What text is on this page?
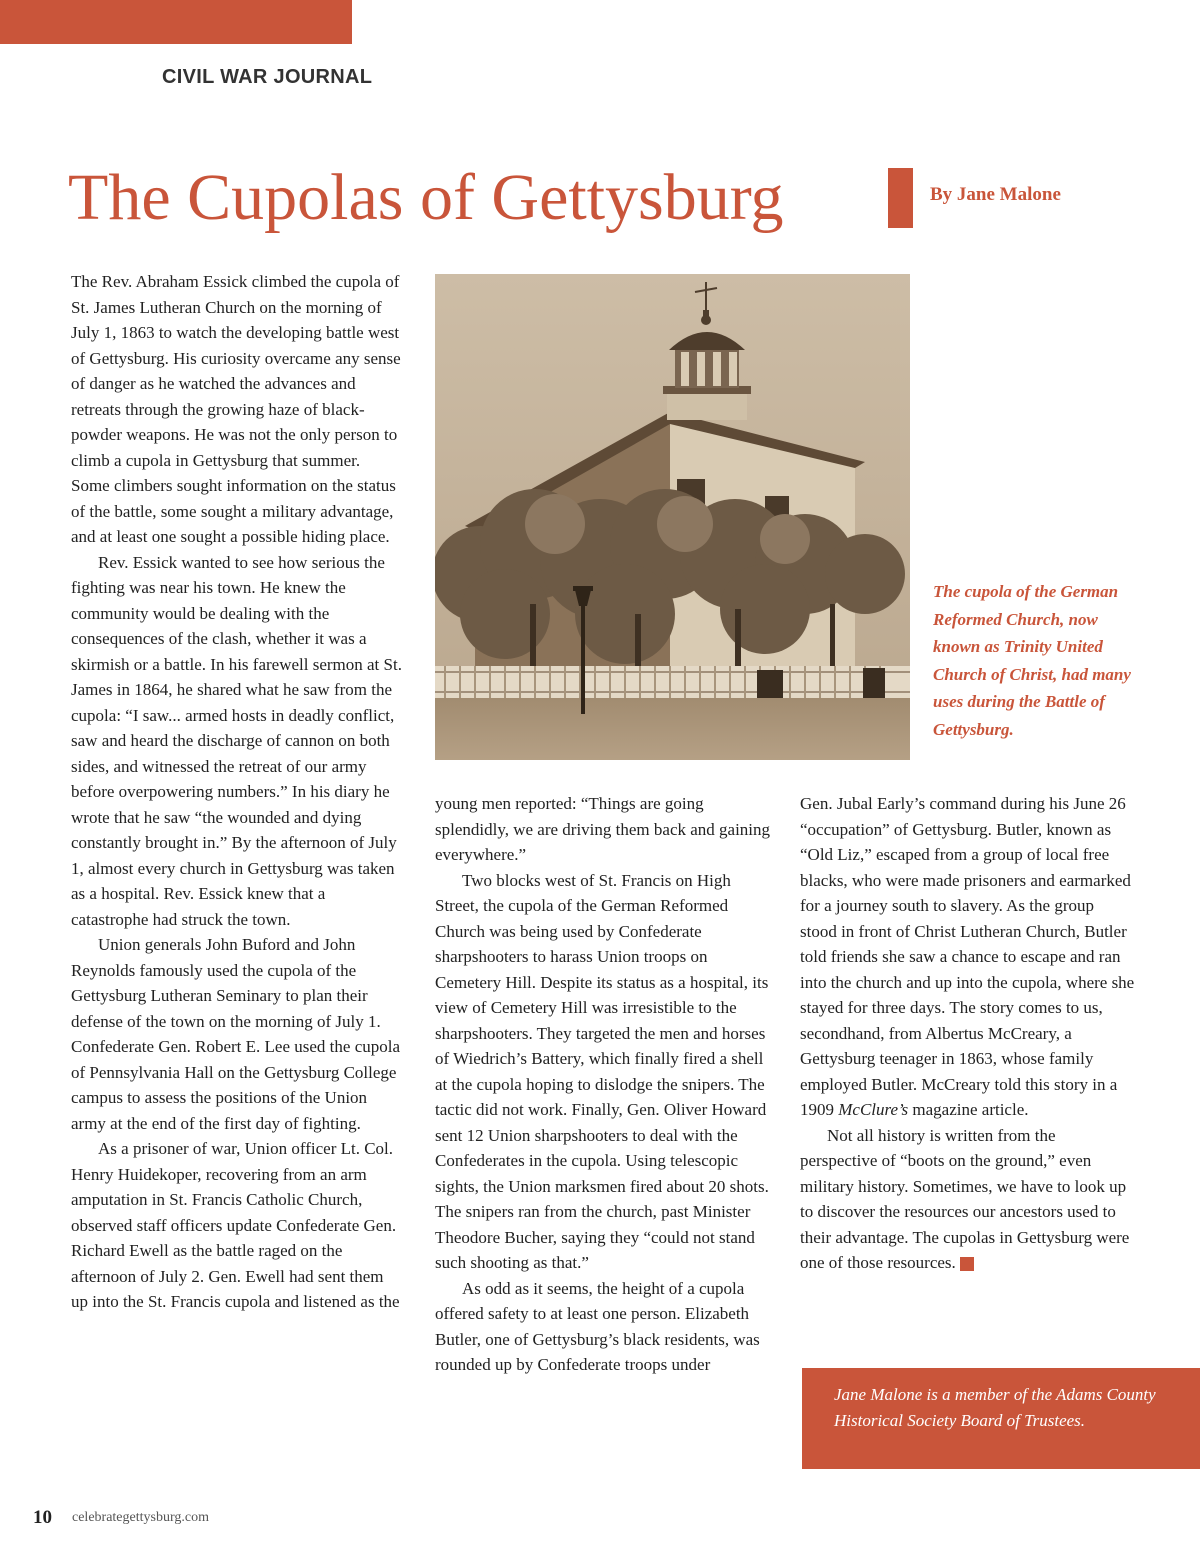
CIVIL WAR JOURNAL
The Cupolas of Gettysburg	By Jane Malone

The Rev. Abraham Essick climbed the cupola of St. James Lutheran Church on the morning of July 1, 1863 to watch the developing battle west of Gettysburg. His curiosity overcame any sense of danger as he watched the advances and retreats through the growing haze of black-powder weapons. He was not the only person to climb a cupola in Gettysburg that summer. Some climbers sought information on the status of the battle, some sought a military advantage, and at least one sought a possible hiding place.

Rev. Essick wanted to see how serious the fighting was near his town. He knew the community would be dealing with the consequences of the clash, whether it was a skirmish or a battle. In his farewell sermon at St. James in 1864, he shared what he saw from the cupola: “I saw... armed hosts in deadly conflict, saw and heard the discharge of cannon on both sides, and witnessed the retreat of our army before overpowering numbers.” In his diary he wrote that he saw “the wounded and dying constantly brought in.” By the afternoon of July 1, almost every church in Gettysburg was taken as a hospital. Rev. Essick knew that a catastrophe had struck the town.

Union generals John Buford and John Reynolds famously used the cupola of the Gettysburg Lutheran Seminary to plan their defense of the town on the morning of July 1. Confederate Gen. Robert E. Lee used the cupola of Pennsylvania Hall on the Gettysburg College campus to assess the positions of the Union army at the end of the first day of fighting.

As a prisoner of war, Union officer Lt. Col. Henry Huidekoper, recovering from an arm amputation in St. Francis Catholic Church, observed staff officers update Confederate Gen. Richard Ewell as the battle raged on the afternoon of July 2. Gen. Ewell had sent them up into the St. Francis cupola and listened as the

The cupola of the German Reformed Church, now known as Trinity United Church of Christ, had many uses during the Battle of Gettysburg.

young men reported: “Things are going splendidly, we are driving them back and gaining everywhere.”

Two blocks west of St. Francis on High Street, the cupola of the German Reformed Church was being used by Confederate sharpshooters to harass Union troops on Cemetery Hill. Despite its status as a hospital, its view of Cemetery Hill was irresistible to the sharpshooters. They targeted the men and horses of Wiedrich’s Battery, which finally fired a shell at the cupola hoping to dislodge the snipers. The tactic did not work. Finally, Gen. Oliver Howard sent 12 Union sharpshooters to deal with the Confederates in the cupola. Using telescopic sights, the Union marksmen fired about 20 shots. The snipers ran from the church, past Minister Theodore Bucher, saying they “could not stand such shooting as that.”

As odd as it seems, the height of a cupola offered safety to at least one person. Elizabeth Butler, one of Gettysburg’s black residents, was rounded up by Confederate troops under

Gen. Jubal Early’s command during his June 26 “occupation” of Gettysburg. Butler, known as “Old Liz,” escaped from a group of local free blacks, who were made prisoners and earmarked for a journey south to slavery. As the group stood in front of Christ Lutheran Church, Butler told friends she saw a chance to escape and ran into the church and up into the cupola, where she stayed for three days. The story comes to us, secondhand, from Albertus McCreary, a Gettysburg teenager in 1863, whose family employed Butler. McCreary told this story in a 1909 McClure’s magazine article.

Not all history is written from the perspective of “boots on the ground,” even military history. Sometimes, we have to look up to discover the resources our ancestors used to their advantage. The cupolas in Gettysburg were one of those resources. G

Jane Malone is a member of the Adams County Historical Society Board of Trustees.
10 celebrategettysburg.com
